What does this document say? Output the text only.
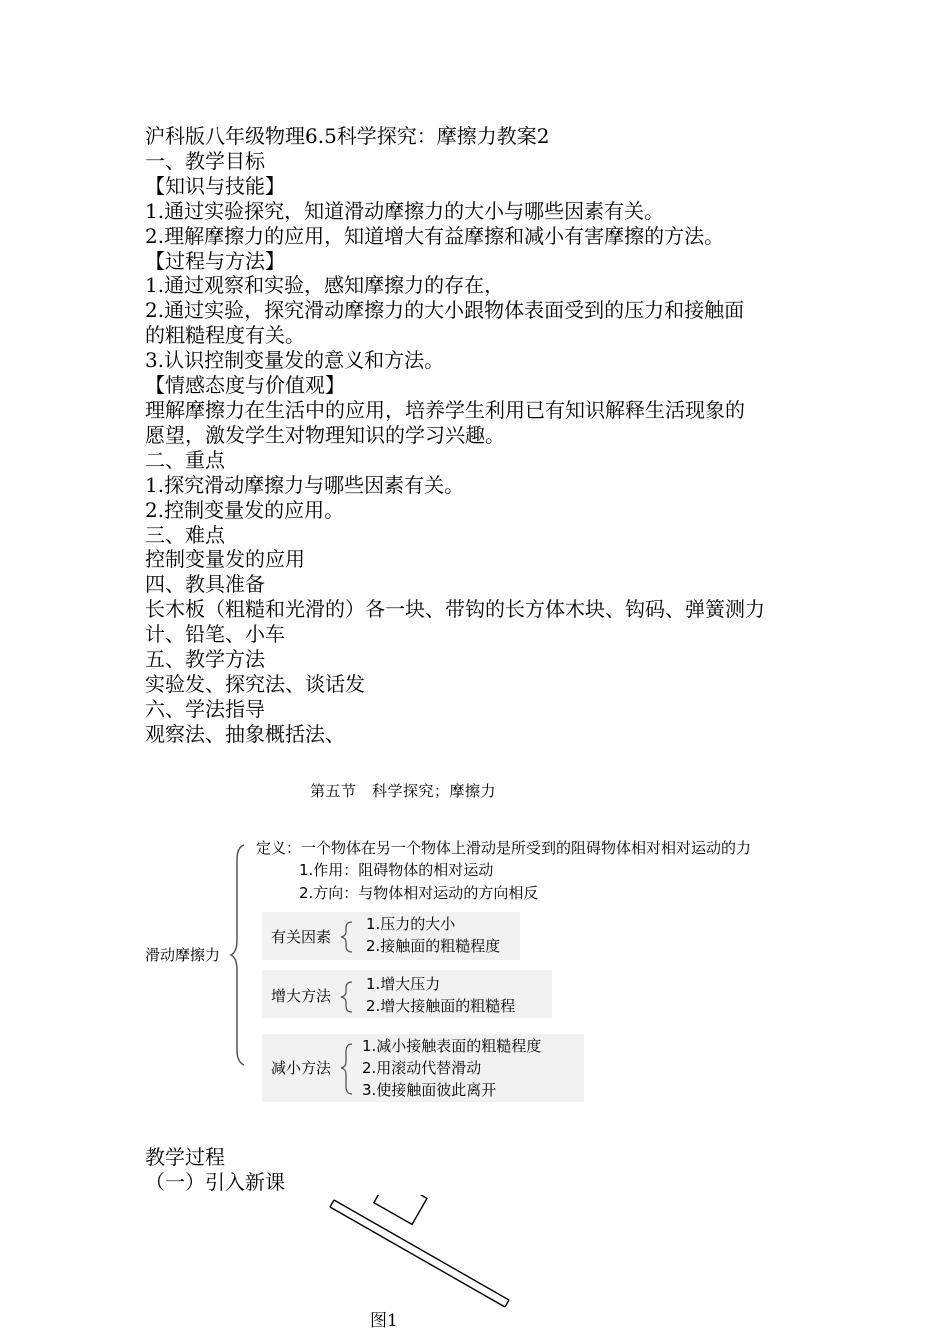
沪科版八年级物理6.5科学探究：摩擦力教案2
一、教学目标
【知识与技能】
1.通过实验探究，知道滑动摩擦力的大小与哪些因素有关。
2.理解摩擦力的应用，知道增大有益摩擦和减小有害摩擦的方法。
【过程与方法】
1.通过观察和实验，感知摩擦力的存在，
2.通过实验，探究滑动摩擦力的大小跟物体表面受到的压力和接触面
的粗糙程度有关。
3.认识控制变量发的意义和方法。
【情感态度与价值观】
理解摩擦力在生活中的应用，培养学生利用已有知识解释生活现象的
愿望，激发学生对物理知识的学习兴趣。
二、重点
1.探究滑动摩擦力与哪些因素有关。
2.控制变量发的应用。
三、难点
控制变量发的应用
四、教具准备
长木板（粗糙和光滑的）各一块、带钩的长方体木块、钩码、弹簧测力
计、铅笔、小车
五、教学方法
实验发、探究法、谈话发
六、学法指导
观察法、抽象概括法、
第五节　科学探究；摩擦力
滑动摩擦力
定义：一个物体在另一个物体上滑动是所受到的阻碍物体相对相对运动的力
1.作用：阻碍物体的相对运动
2.方向：与物体相对运动的方向相反
有关因素
1.压力的大小
2.接触面的粗糙程度
增大方法
1.增大压力
2.增大接触面的粗糙程
减小方法
1.减小接触表面的粗糙程度
2.用滚动代替滑动
3.使接触面彼此离开
教学过程
（一）引入新课
图1
